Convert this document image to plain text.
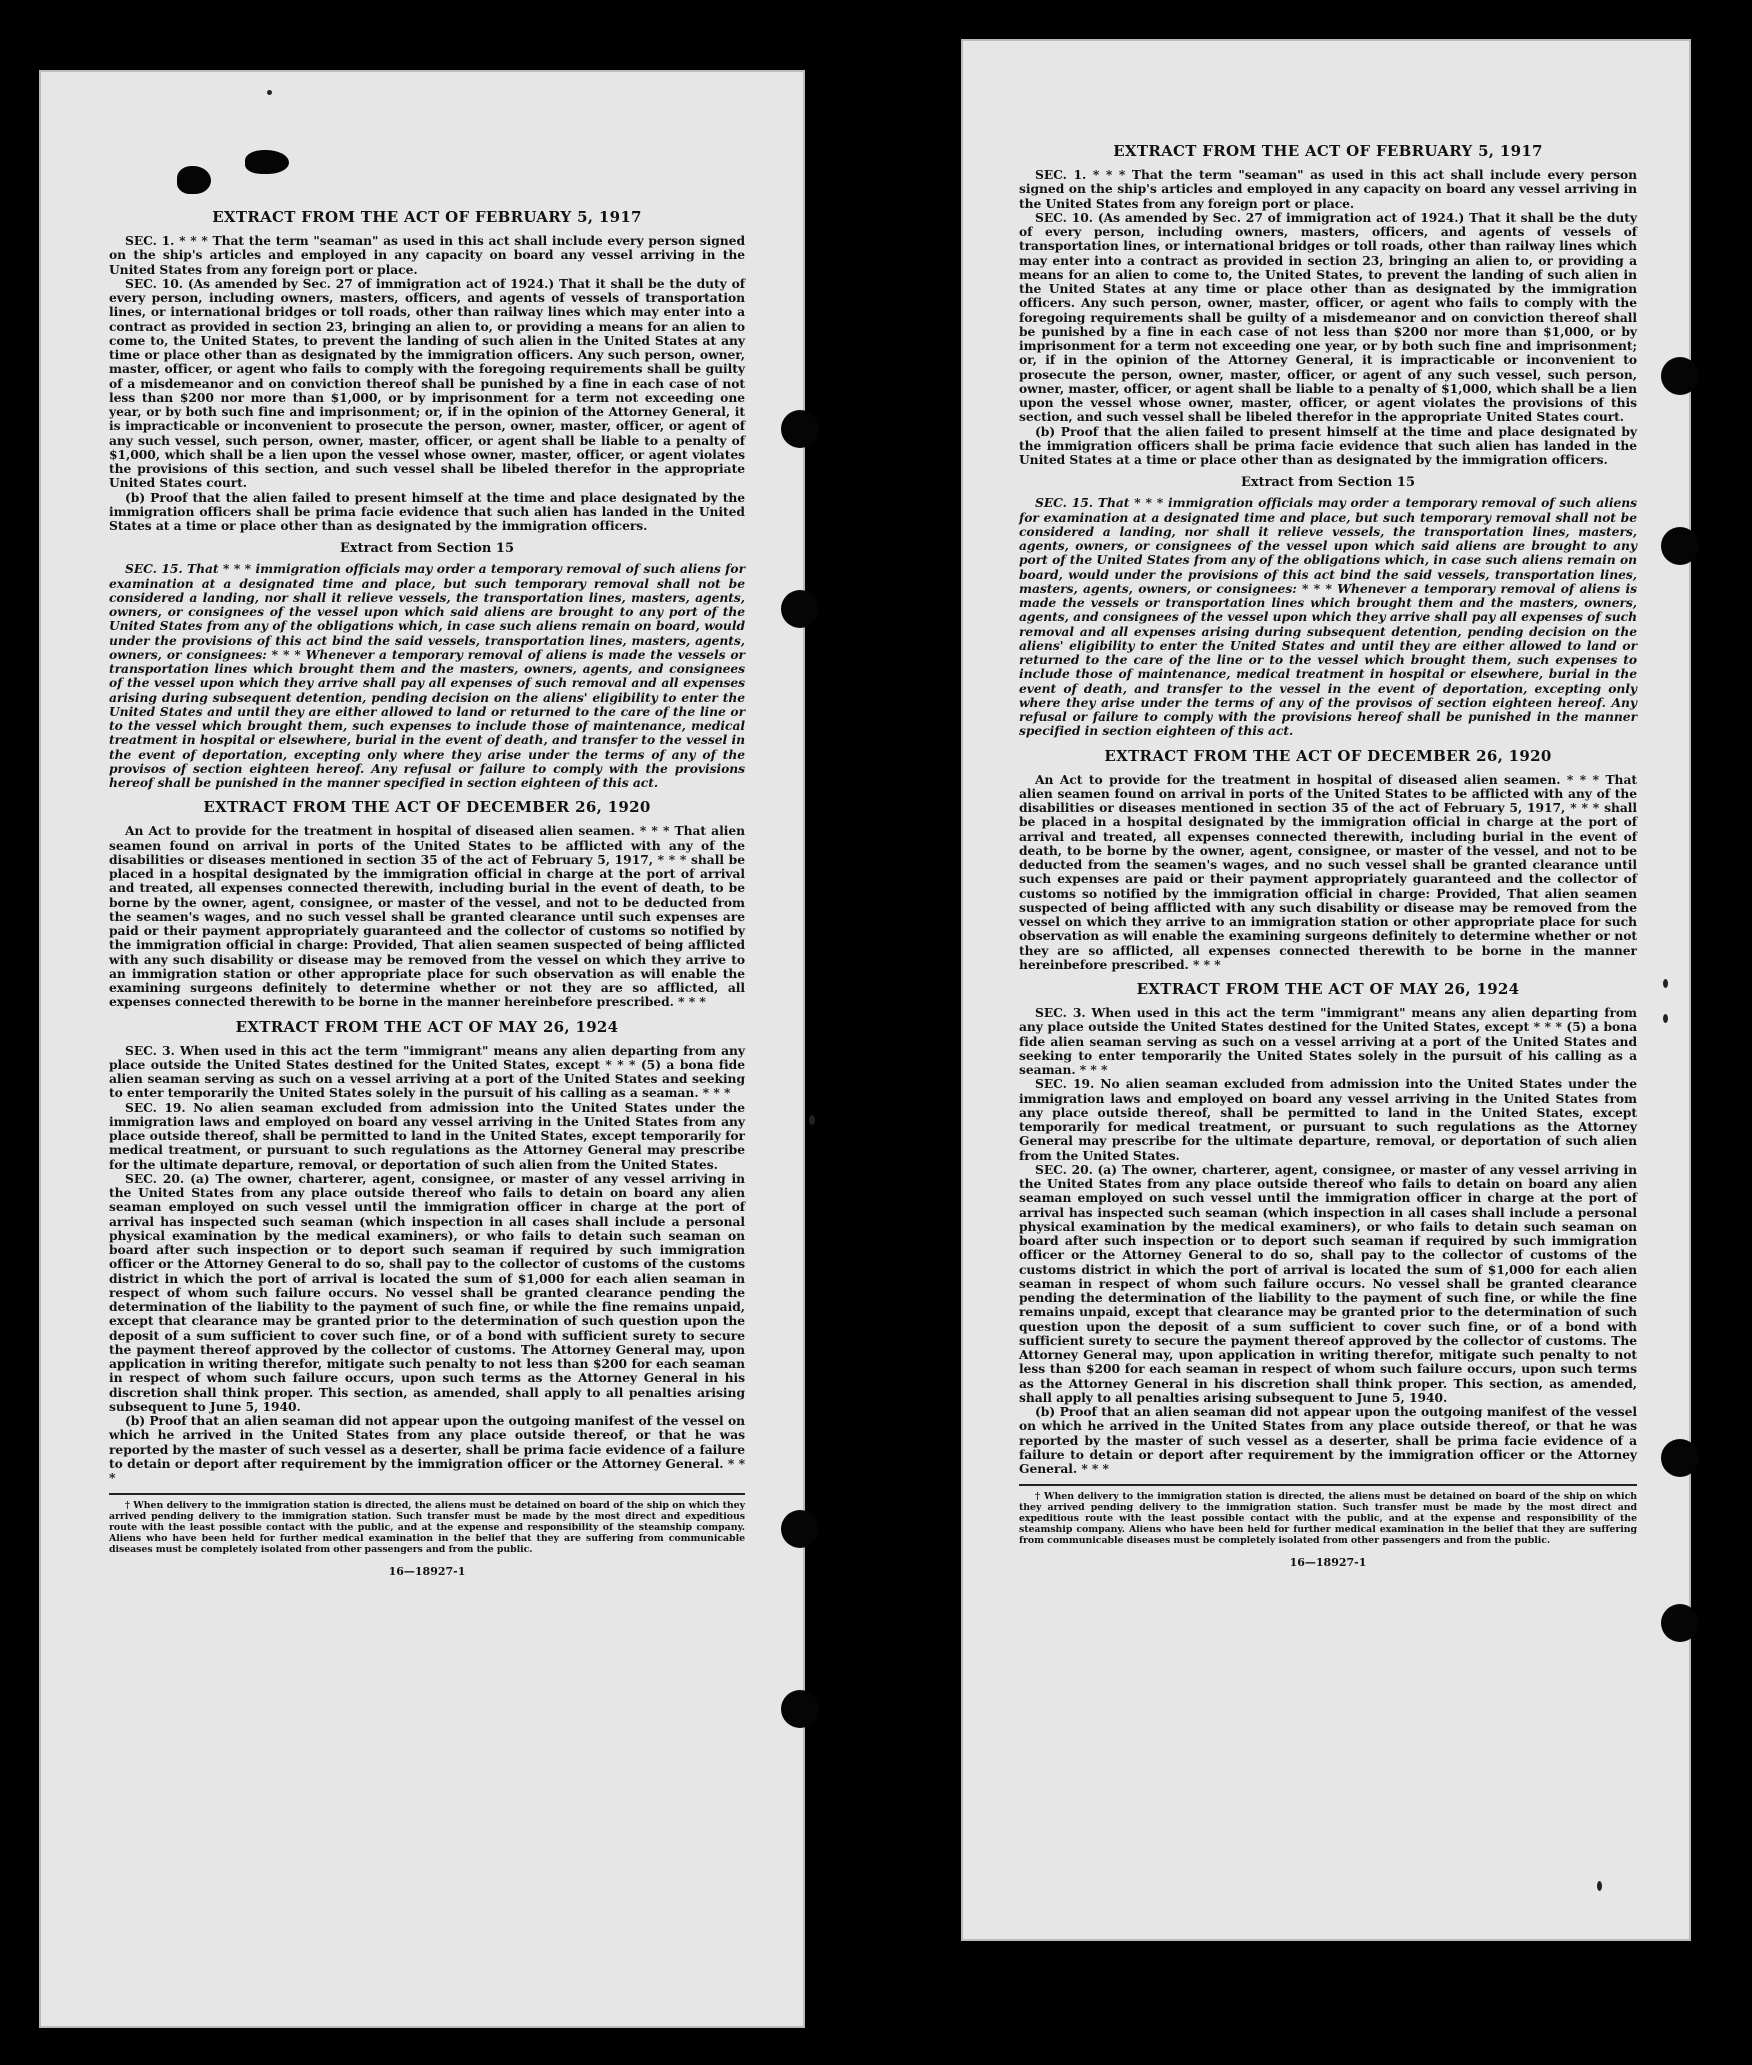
EXTRACT FROM THE ACT OF FEBRUARY 5, 1917

SEC. 1. * * * That the term "seaman" as used in this act shall include every person signed on the ship's articles and employed in any capacity on board any vessel arriving in the United States from any foreign port or place.

SEC. 10. (As amended by Sec. 27 of immigration act of 1924.) That it shall be the duty of every person, including owners, masters, officers, and agents of vessels of transportation lines, or international bridges or toll roads, other than railway lines which may enter into a contract as provided in section 23, bringing an alien to, or providing a means for an alien to come to, the United States, to prevent the landing of such alien in the United States at any time or place other than as designated by the immigration officers. Any such person, owner, master, officer, or agent who fails to comply with the foregoing requirements shall be guilty of a misdemeanor and on conviction thereof shall be punished by a fine in each case of not less than $200 nor more than $1,000, or by imprisonment for a term not exceeding one year, or by both such fine and imprisonment; or, if in the opinion of the Attorney General, it is impracticable or inconvenient to prosecute the person, owner, master, officer, or agent of any such vessel, such person, owner, master, officer, or agent shall be liable to a penalty of $1,000, which shall be a lien upon the vessel whose owner, master, officer, or agent violates the provisions of this section, and such vessel shall be libeled therefor in the appropriate United States court.

(b) Proof that the alien failed to present himself at the time and place designated by the immigration officers shall be prima facie evidence that such alien has landed in the United States at a time or place other than as designated by the immigration officers.

Extract from Section 15

SEC. 15. That * * * immigration officials may order a temporary removal of such aliens for examination at a designated time and place, but such temporary removal shall not be considered a landing, nor shall it relieve vessels, the transportation lines, masters, agents, owners, or consignees of the vessel upon which said aliens are brought to any port of the United States from any of the obligations which, in case such aliens remain on board, would under the provisions of this act bind the said vessels, transportation lines, masters, agents, owners, or consignees: * * * Whenever a temporary removal of aliens is made the vessels or transportation lines which brought them and the masters, owners, agents, and consignees of the vessel upon which they arrive shall pay all expenses of such removal and all expenses arising during subsequent detention, pending decision on the aliens' eligibility to enter the United States and until they are either allowed to land or returned to the care of the line or to the vessel which brought them, such expenses to include those of maintenance, medical treatment in hospital or elsewhere, burial in the event of death, and transfer to the vessel in the event of deportation, excepting only where they arise under the terms of any of the provisos of section eighteen hereof. Any refusal or failure to comply with the provisions hereof shall be punished in the manner specified in section eighteen of this act.

EXTRACT FROM THE ACT OF DECEMBER 26, 1920

An Act to provide for the treatment in hospital of diseased alien seamen. * * * That alien seamen found on arrival in ports of the United States to be afflicted with any of the disabilities or diseases mentioned in section 35 of the act of February 5, 1917, * * * shall be placed in a hospital designated by the immigration official in charge at the port of arrival and treated, all expenses connected therewith, including burial in the event of death, to be borne by the owner, agent, consignee, or master of the vessel, and not to be deducted from the seamen's wages, and no such vessel shall be granted clearance until such expenses are paid or their payment appropriately guaranteed and the collector of customs so notified by the immigration official in charge: Provided, That alien seamen suspected of being afflicted with any such disability or disease may be removed from the vessel on which they arrive to an immigration station or other appropriate place for such observation as will enable the examining surgeons definitely to determine whether or not they are so afflicted, all expenses connected therewith to be borne in the manner hereinbefore prescribed. * * *

EXTRACT FROM THE ACT OF MAY 26, 1924

SEC. 3. When used in this act the term "immigrant" means any alien departing from any place outside the United States destined for the United States, except * * * (5) a bona fide alien seaman serving as such on a vessel arriving at a port of the United States and seeking to enter temporarily the United States solely in the pursuit of his calling as a seaman. * * *

SEC. 19. No alien seaman excluded from admission into the United States under the immigration laws and employed on board any vessel arriving in the United States from any place outside thereof, shall be permitted to land in the United States, except temporarily for medical treatment, or pursuant to such regulations as the Attorney General may prescribe for the ultimate departure, removal, or deportation of such alien from the United States.

SEC. 20. (a) The owner, charterer, agent, consignee, or master of any vessel arriving in the United States from any place outside thereof who fails to detain on board any alien seaman employed on such vessel until the immigration officer in charge at the port of arrival has inspected such seaman (which inspection in all cases shall include a personal physical examination by the medical examiners), or who fails to detain such seaman on board after such inspection or to deport such seaman if required by such immigration officer or the Attorney General to do so, shall pay to the collector of customs of the customs district in which the port of arrival is located the sum of $1,000 for each alien seaman in respect of whom such failure occurs. No vessel shall be granted clearance pending the determination of the liability to the payment of such fine, or while the fine remains unpaid, except that clearance may be granted prior to the determination of such question upon the deposit of a sum sufficient to cover such fine, or of a bond with sufficient surety to secure the payment thereof approved by the collector of customs. The Attorney General may, upon application in writing therefor, mitigate such penalty to not less than $200 for each seaman in respect of whom such failure occurs, upon such terms as the Attorney General in his discretion shall think proper. This section, as amended, shall apply to all penalties arising subsequent to June 5, 1940.

(b) Proof that an alien seaman did not appear upon the outgoing manifest of the vessel on which he arrived in the United States from any place outside thereof, or that he was reported by the master of such vessel as a deserter, shall be prima facie evidence of a failure to detain or deport after requirement by the immigration officer or the Attorney General. * * *

† When delivery to the immigration station is directed, the aliens must be detained on board of the ship on which they arrived pending delivery to the immigration station. Such transfer must be made by the most direct and expeditious route with the least possible contact with the public, and at the expense and responsibility of the steamship company. Aliens who have been held for further medical examination in the belief that they are suffering from communicable diseases must be completely isolated from other passengers and from the public.

16—18927-1
EXTRACT FROM THE ACT OF FEBRUARY 5, 1917

SEC. 1. * * * That the term "seaman" as used in this act shall include every person signed on the ship's articles and employed in any capacity on board any vessel arriving in the United States from any foreign port or place.

SEC. 10. (As amended by Sec. 27 of immigration act of 1924.) That it shall be the duty of every person, including owners, masters, officers, and agents of vessels of transportation lines, or international bridges or toll roads, other than railway lines which may enter into a contract as provided in section 23, bringing an alien to, or providing a means for an alien to come to, the United States, to prevent the landing of such alien in the United States at any time or place other than as designated by the immigration officers. Any such person, owner, master, officer, or agent who fails to comply with the foregoing requirements shall be guilty of a misdemeanor and on conviction thereof shall be punished by a fine in each case of not less than $200 nor more than $1,000, or by imprisonment for a term not exceeding one year, or by both such fine and imprisonment; or, if in the opinion of the Attorney General, it is impracticable or inconvenient to prosecute the person, owner, master, officer, or agent of any such vessel, such person, owner, master, officer, or agent shall be liable to a penalty of $1,000, which shall be a lien upon the vessel whose owner, master, officer, or agent violates the provisions of this section, and such vessel shall be libeled therefor in the appropriate United States court.

(b) Proof that the alien failed to present himself at the time and place designated by the immigration officers shall be prima facie evidence that such alien has landed in the United States at a time or place other than as designated by the immigration officers.

Extract from Section 15

SEC. 15. That * * * immigration officials may order a temporary removal of such aliens for examination at a designated time and place, but such temporary removal shall not be considered a landing, nor shall it relieve vessels, the transportation lines, masters, agents, owners, or consignees of the vessel upon which said aliens are brought to any port of the United States from any of the obligations which, in case such aliens remain on board, would under the provisions of this act bind the said vessels, transportation lines, masters, agents, owners, or consignees: * * * Whenever a temporary removal of aliens is made the vessels or transportation lines which brought them and the masters, owners, agents, and consignees of the vessel upon which they arrive shall pay all expenses of such removal and all expenses arising during subsequent detention, pending decision on the aliens' eligibility to enter the United States and until they are either allowed to land or returned to the care of the line or to the vessel which brought them, such expenses to include those of maintenance, medical treatment in hospital or elsewhere, burial in the event of death, and transfer to the vessel in the event of deportation, excepting only where they arise under the terms of any of the provisos of section eighteen hereof. Any refusal or failure to comply with the provisions hereof shall be punished in the manner specified in section eighteen of this act.

EXTRACT FROM THE ACT OF DECEMBER 26, 1920

An Act to provide for the treatment in hospital of diseased alien seamen. * * * That alien seamen found on arrival in ports of the United States to be afflicted with any of the disabilities or diseases mentioned in section 35 of the act of February 5, 1917, * * * shall be placed in a hospital designated by the immigration official in charge at the port of arrival and treated, all expenses connected therewith, including burial in the event of death, to be borne by the owner, agent, consignee, or master of the vessel, and not to be deducted from the seamen's wages, and no such vessel shall be granted clearance until such expenses are paid or their payment appropriately guaranteed and the collector of customs so notified by the immigration official in charge: Provided, That alien seamen suspected of being afflicted with any such disability or disease may be removed from the vessel on which they arrive to an immigration station or other appropriate place for such observation as will enable the examining surgeons definitely to determine whether or not they are so afflicted, all expenses connected therewith to be borne in the manner hereinbefore prescribed. * * *

EXTRACT FROM THE ACT OF MAY 26, 1924

SEC. 3. When used in this act the term "immigrant" means any alien departing from any place outside the United States destined for the United States, except * * * (5) a bona fide alien seaman serving as such on a vessel arriving at a port of the United States and seeking to enter temporarily the United States solely in the pursuit of his calling as a seaman. * * *

SEC. 19. No alien seaman excluded from admission into the United States under the immigration laws and employed on board any vessel arriving in the United States from any place outside thereof, shall be permitted to land in the United States, except temporarily for medical treatment, or pursuant to such regulations as the Attorney General may prescribe for the ultimate departure, removal, or deportation of such alien from the United States.

SEC. 20. (a) The owner, charterer, agent, consignee, or master of any vessel arriving in the United States from any place outside thereof who fails to detain on board any alien seaman employed on such vessel until the immigration officer in charge at the port of arrival has inspected such seaman (which inspection in all cases shall include a personal physical examination by the medical examiners), or who fails to detain such seaman on board after such inspection or to deport such seaman if required by such immigration officer or the Attorney General to do so, shall pay to the collector of customs of the customs district in which the port of arrival is located the sum of $1,000 for each alien seaman in respect of whom such failure occurs. No vessel shall be granted clearance pending the determination of the liability to the payment of such fine, or while the fine remains unpaid, except that clearance may be granted prior to the determination of such question upon the deposit of a sum sufficient to cover such fine, or of a bond with sufficient surety to secure the payment thereof approved by the collector of customs. The Attorney General may, upon application in writing therefor, mitigate such penalty to not less than $200 for each seaman in respect of whom such failure occurs, upon such terms as the Attorney General in his discretion shall think proper. This section, as amended, shall apply to all penalties arising subsequent to June 5, 1940.

(b) Proof that an alien seaman did not appear upon the outgoing manifest of the vessel on which he arrived in the United States from any place outside thereof, or that he was reported by the master of such vessel as a deserter, shall be prima facie evidence of a failure to detain or deport after requirement by the immigration officer or the Attorney General. * * *

† When delivery to the immigration station is directed, the aliens must be detained on board of the ship on which they arrived pending delivery to the immigration station. Such transfer must be made by the most direct and expeditious route with the least possible contact with the public, and at the expense and responsibility of the steamship company. Aliens who have been held for further medical examination in the belief that they are suffering from communicable diseases must be completely isolated from other passengers and from the public.

16—18927-1
